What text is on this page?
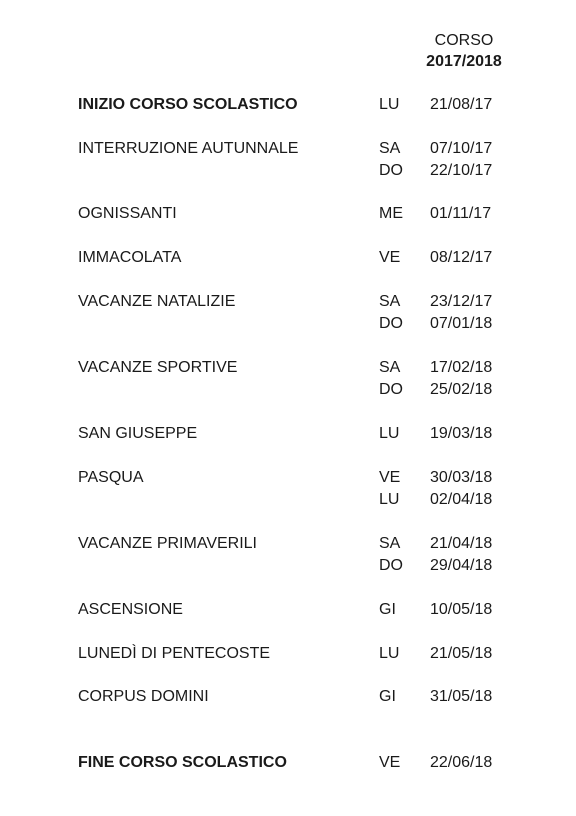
CORSO
2017/2018
INIZIO CORSO SCOLASTICO	LU 21/08/17
INTERRUZIONE AUTUNNALE	SA 07/10/17
DO 22/10/17
OGNISSANTI	ME 01/11/17
IMMACOLATA	VE 08/12/17
VACANZE NATALIZIE	SA 23/12/17
DO 07/01/18
VACANZE SPORTIVE	SA 17/02/18
DO 25/02/18
SAN GIUSEPPE	LU 19/03/18
PASQUA	VE 30/03/18
LU 02/04/18
VACANZE PRIMAVERILI	SA 21/04/18
DO 29/04/18
ASCENSIONE	GI 10/05/18
LUNEDÌ DI PENTECOSTE	LU 21/05/18
CORPUS DOMINI	GI 31/05/18
FINE CORSO SCOLASTICO	VE 22/06/18
